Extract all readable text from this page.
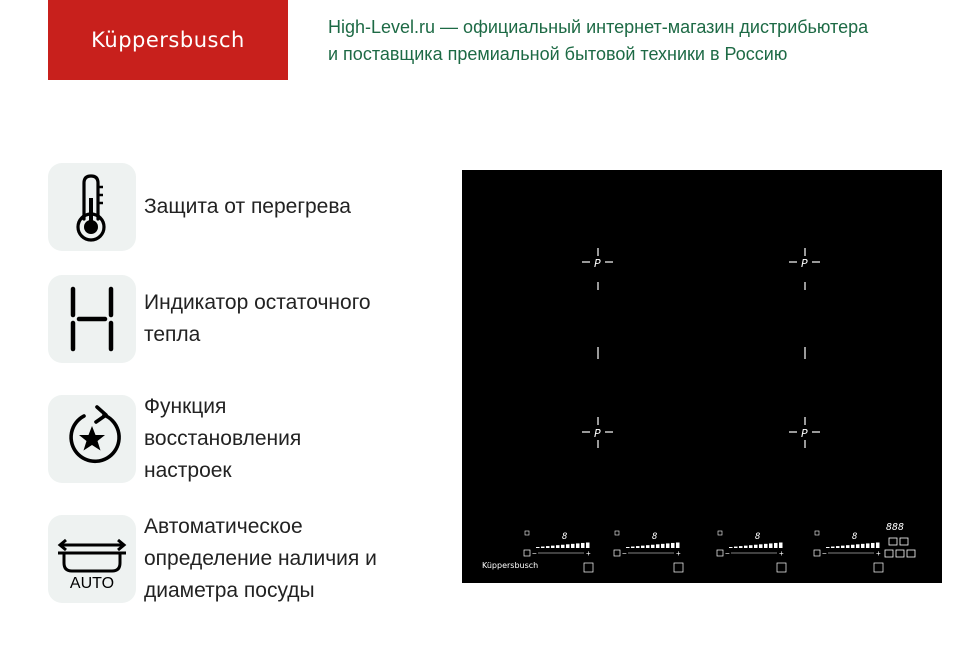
Küppersbusch
High-Level.ru — официальный интернет-магазин дистрибьютера
и поставщика премиальной бытовой техники в Россию
Защита от перегрева
Индикатор остаточного
тепла
Функция
восстановления
настроек
AUTO
Автоматическое
определение наличия и
диаметра посуды
P	P
P	P
−	+
8
−	+
8
−	+
8
−	+
8
888
Küppersbusch
